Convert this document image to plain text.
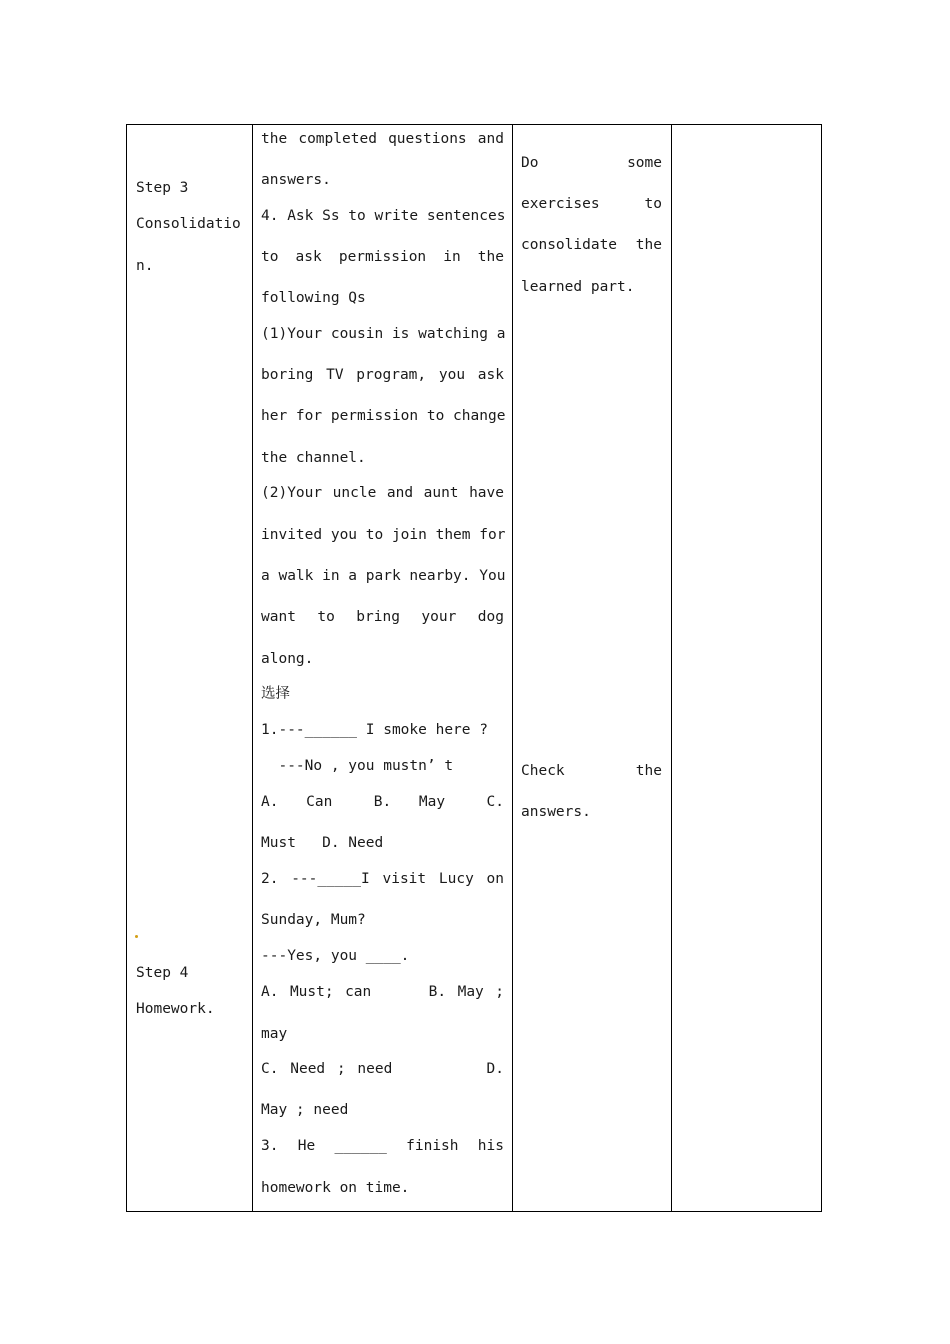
Step 3
Consolidatio
n.
Step 4
Homework.
the completed questions and
answers.
4. Ask Ss to write sentences
to ask permission in the
following Qs
(1)Your cousin is watching a
boring TV program, you ask
her for permission to change
the channel.
(2)Your uncle and aunt have
invited you to join them for
a walk in a park nearby. You
want to bring your dog
along.
选择
1.---______ I smoke here ?
---No , you mustn’ t
A.  Can   B.  May   C.
Must   D. Need
2. ---_____I visit Lucy on
Sunday, Mum?
---Yes, you ____.
A. Must; can     B. May ;
may
C. Need ; need        D.
May ; need
3. He ______ finish his
homework on time.
Do some
exercises to
consolidate the
learned part.
Check the
answers.
